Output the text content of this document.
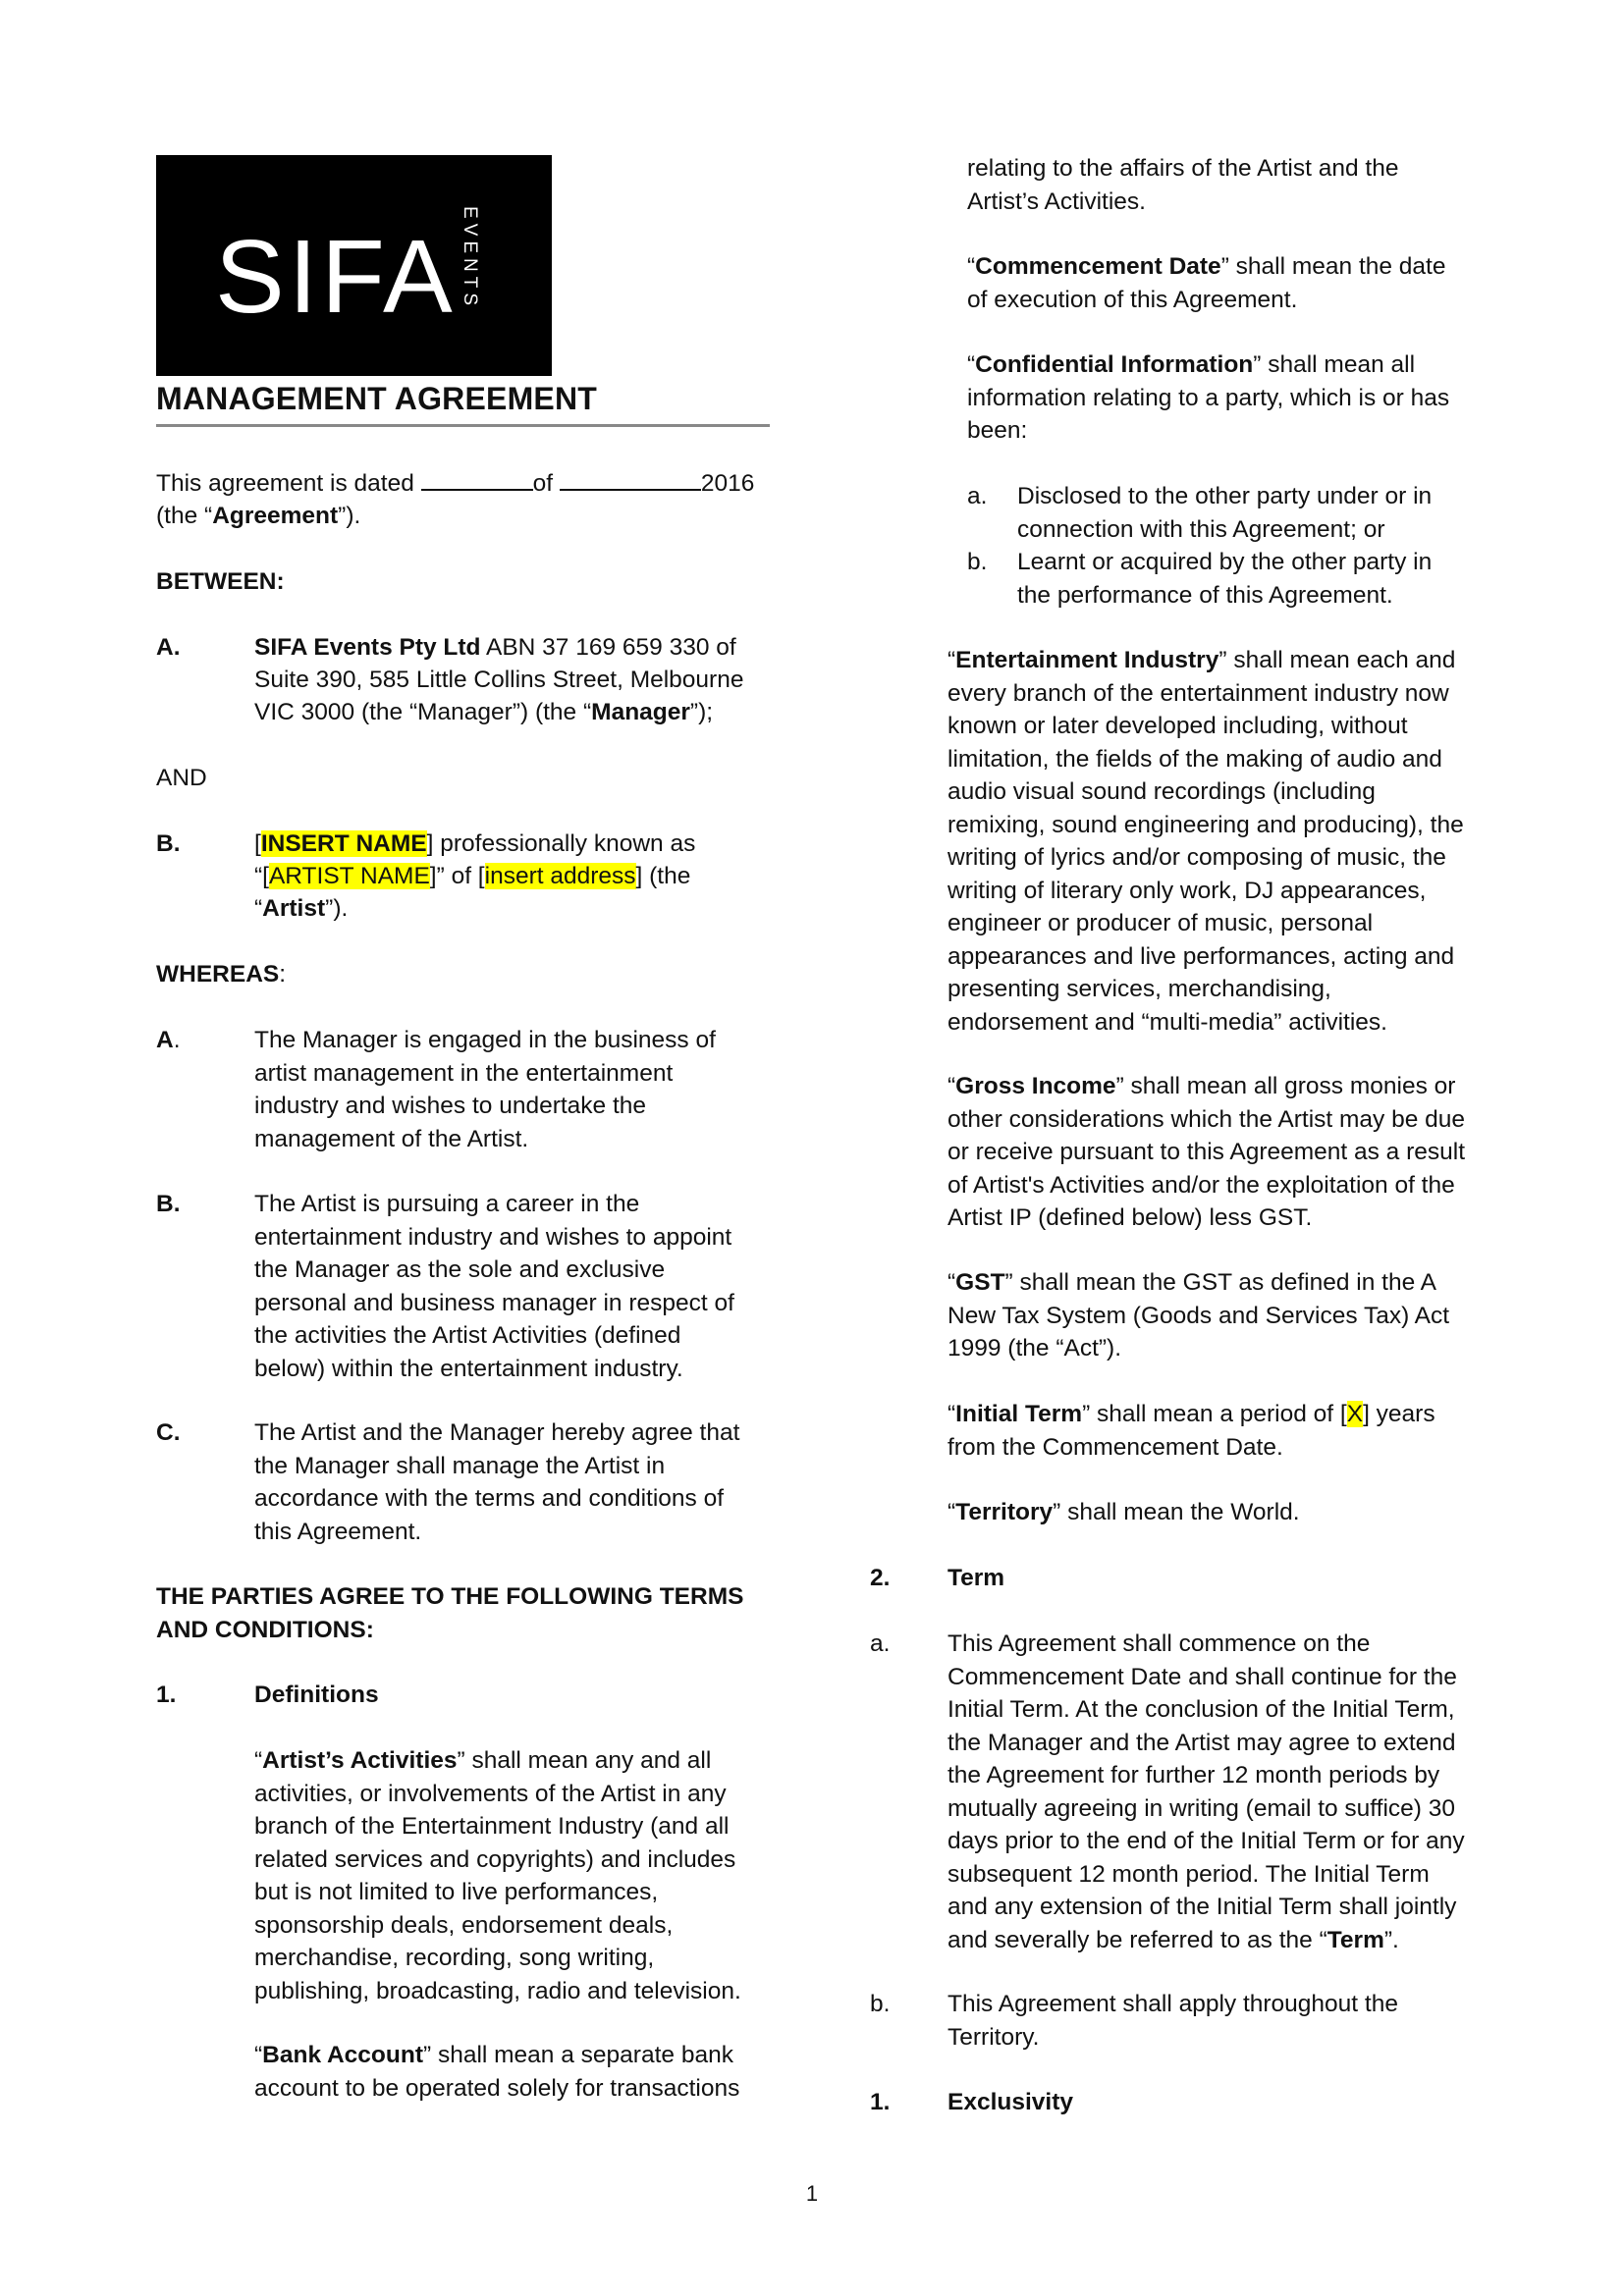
SIFA EVENTS
MANAGEMENT AGREEMENT
This agreement is dated	of	2016
(the “Agreement”).
BETWEEN:
A.	SIFA Events Pty Ltd ABN 37 169 659 330 of
Suite 390, 585 Little Collins Street, Melbourne
VIC 3000 (the “Manager”) (the “Manager”);
AND
B.	[INSERT NAME] professionally known as
“[ARTIST NAME]” of [insert address] (the
“Artist”).
WHEREAS:
A.	The Manager is engaged in the business of
artist management in the entertainment
industry and wishes to undertake the
management of the Artist.
B.	The Artist is pursuing a career in the
entertainment industry and wishes to appoint
the Manager as the sole and exclusive
personal and business manager in respect of
the activities the Artist Activities (defined
below) within the entertainment industry.
C.	The Artist and the Manager hereby agree that
the Manager shall manage the Artist in
accordance with the terms and conditions of
this Agreement.
THE PARTIES AGREE TO THE FOLLOWING TERMS
AND CONDITIONS:
1.	Definitions
“Artist’s Activities” shall mean any and all
activities, or involvements of the Artist in any
branch of the Entertainment Industry (and all
related services and copyrights) and includes
but is not limited to live performances,
sponsorship deals, endorsement deals,
merchandise, recording, song writing,
publishing, broadcasting, radio and television.
“Bank Account” shall mean a separate bank
account to be operated solely for transactions
relating to the affairs of the Artist and the
Artist’s Activities.
“Commencement Date” shall mean the date
of execution of this Agreement.
“Confidential Information” shall mean all
information relating to a party, which is or has
been:
a. Disclosed to the other party under or in
connection with this Agreement; or
b. Learnt or acquired by the other party in
the performance of this Agreement.
“Entertainment Industry” shall mean each and
every branch of the entertainment industry now
known or later developed including, without
limitation, the fields of the making of audio and
audio visual sound recordings (including
remixing, sound engineering and producing), the
writing of lyrics and/or composing of music, the
writing of literary only work, DJ appearances,
engineer or producer of music, personal
appearances and live performances, acting and
presenting services, merchandising,
endorsement and “multi-media” activities.
“Gross Income” shall mean all gross monies or
other considerations which the Artist may be due
or receive pursuant to this Agreement as a result
of Artist's Activities and/or the exploitation of the
Artist IP (defined below) less GST.
“GST” shall mean the GST as defined in the A
New Tax System (Goods and Services Tax) Act
1999 (the “Act”).
“Initial Term” shall mean a period of [X] years
from the Commencement Date.
“Territory” shall mean the World.
2. Term
a. This Agreement shall commence on the
Commencement Date and shall continue for the
Initial Term. At the conclusion of the Initial Term,
the Manager and the Artist may agree to extend
the Agreement for further 12 month periods by
mutually agreeing in writing (email to suffice) 30
days prior to the end of the Initial Term or for any
subsequent 12 month period. The Initial Term
and any extension of the Initial Term shall jointly
and severally be referred to as the “Term”.
b. This Agreement shall apply throughout the
Territory.
1. Exclusivity
1
